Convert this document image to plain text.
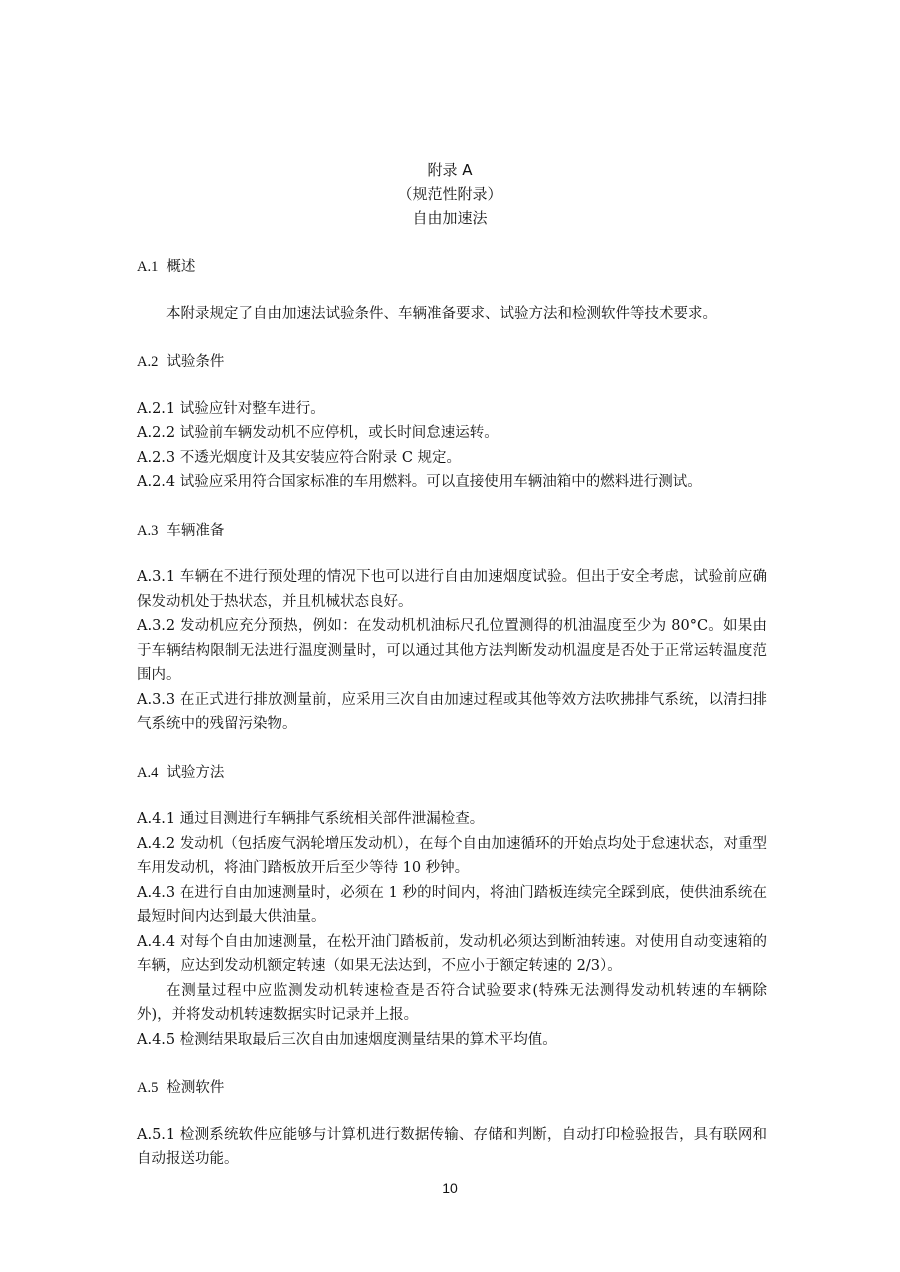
附录 A
（规范性附录）
自由加速法
A.1 概述

本附录规定了自由加速法试验条件、车辆准备要求、试验方法和检测软件等技术要求。

A.2 试验条件

A.2.1 试验应针对整车进行。

A.2.2 试验前车辆发动机不应停机，或长时间怠速运转。

A.2.3 不透光烟度计及其安装应符合附录 C 规定。

A.2.4 试验应采用符合国家标准的车用燃料。可以直接使用车辆油箱中的燃料进行测试。

A.3 车辆准备

A.3.1 车辆在不进行预处理的情况下也可以进行自由加速烟度试验。但出于安全考虑，试验前应确保发动机处于热状态，并且机械状态良好。

A.3.2 发动机应充分预热，例如：在发动机机油标尺孔位置测得的机油温度至少为 80°C。如果由于车辆结构限制无法进行温度测量时，可以通过其他方法判断发动机温度是否处于正常运转温度范围内。

A.3.3 在正式进行排放测量前，应采用三次自由加速过程或其他等效方法吹拂排气系统，以清扫排气系统中的残留污染物。

A.4 试验方法

A.4.1 通过目测进行车辆排气系统相关部件泄漏检查。

A.4.2 发动机（包括废气涡轮增压发动机），在每个自由加速循环的开始点均处于怠速状态，对重型车用发动机，将油门踏板放开后至少等待 10 秒钟。

A.4.3 在进行自由加速测量时，必须在 1 秒的时间内，将油门踏板连续完全踩到底，使供油系统在最短时间内达到最大供油量。

A.4.4 对每个自由加速测量，在松开油门踏板前，发动机必须达到断油转速。对使用自动变速箱的车辆，应达到发动机额定转速（如果无法达到，不应小于额定转速的 2/3）。

在测量过程中应监测发动机转速检查是否符合试验要求(特殊无法测得发动机转速的车辆除外)，并将发动机转速数据实时记录并上报。

A.4.5 检测结果取最后三次自由加速烟度测量结果的算术平均值。

A.5 检测软件

A.5.1 检测系统软件应能够与计算机进行数据传输、存储和判断，自动打印检验报告，具有联网和自动报送功能。

10
